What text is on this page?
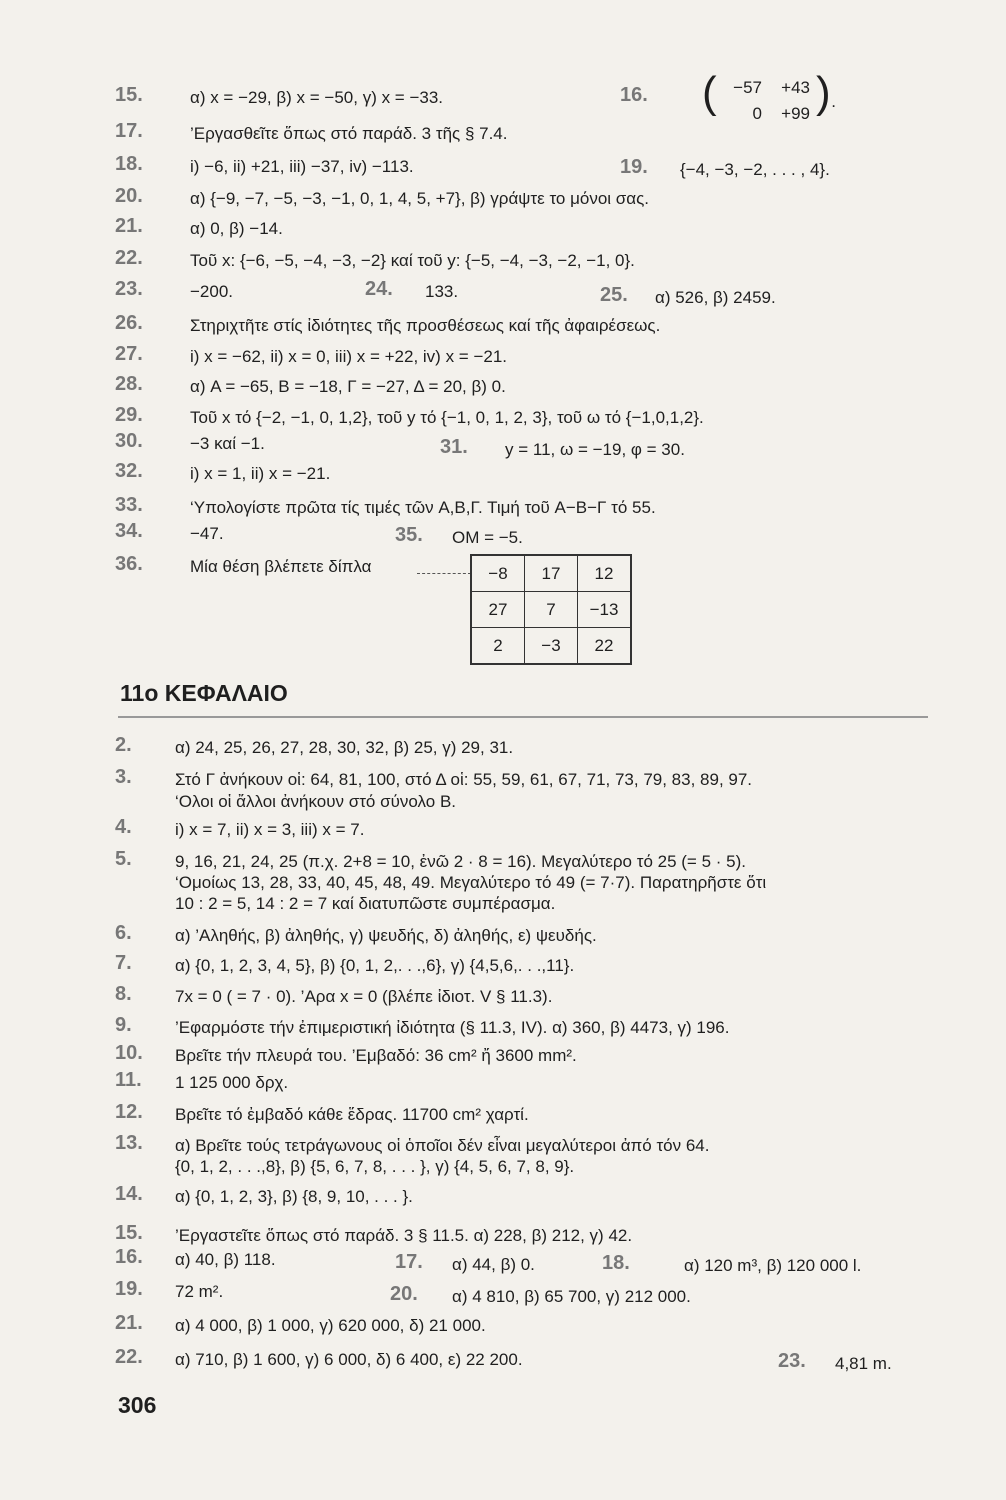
15.	α) x = −29, β) x = −50, γ) x = −33.	16.
17.	’Εργασθεῖτε ὅπως στό παράδ. 3 τῆς § 7.4.
18.	i) −6, ii) +21, iii) −37, iv) −113.	19.	{−4, −3, −2, . . . , 4}.
20.	α) {−9, −7, −5, −3, −1, 0, 1, 4, 5, +7}, β) γράψτε το μόνοι σας.
21.	α) 0, β) −14.
22.	Τοῦ x: {−6, −5, −4, −3, −2} καί τοῦ y: {−5, −4, −3, −2, −1, 0}.
23.	−200.	24.	133.	25.	α) 526, β) 2459.
26.	Στηριχτῆτε στίς ἰδιότητες τῆς προσθέσεως καί τῆς ἀφαιρέσεως.
27.	i) x = −62, ii) x = 0, iii) x = +22, iv) x = −21.
28.	α) A = −65, B = −18, Γ = −27, Δ = 20, β) 0.
29.	Τοῦ x τό {−2, −1, 0, 1,2}, τοῦ y τό {−1, 0, 1, 2, 3}, τοῦ ω τό {−1,0,1,2}.
30.	−3 καί −1.	31.	y = 11, ω = −19, φ = 30.
32.	i) x = 1, ii) x = −21.
33.	‘Υπολογίστε πρῶτα τίς τιμές τῶν A,B,Γ. Τιμή τοῦ A−B−Γ τό 55.
34.	−47.	35.	OM = −5.
36.	Μία θέση βλέπετε δίπλα
( −57	+43
0	+99 ) .
−8	17	12
27	7	−13
2	−3	22
11ο ΚΕΦΑΛΑΙΟ
2.	α) 24, 25, 26, 27, 28, 30, 32, β) 25, γ) 29, 31.
3.	Στό Γ ἀνήκουν οἱ: 64, 81, 100, στό Δ οἱ: 55, 59, 61, 67, 71, 73, 79, 83, 89, 97.
‘Ολοι οἱ ἄλλοι ἀνήκουν στό σύνολο B.
4.	i) x = 7, ii) x = 3, iii) x = 7.
5.	9, 16, 21, 24, 25 (π.χ. 2+8 = 10, ἐνῶ 2 · 8 = 16). Μεγαλύτερο τό 25 (= 5 · 5).
‘Ομοίως 13, 28, 33, 40, 45, 48, 49. Μεγαλύτερο τό 49 (= 7·7). Παρατηρῆστε ὅτι
10 : 2 = 5, 14 : 2 = 7 καί διατυπῶστε συμπέρασμα.
6.	α) ’Αληθής, β) ἀληθής, γ) ψευδής, δ) ἀληθής, ε) ψευδής.
7.	α) {0, 1, 2, 3, 4, 5}, β) {0, 1, 2,. . .,6}, γ) {4,5,6,. . .,11}.
8.	7x = 0 ( = 7 · 0). ’Αρα x = 0 (βλέπε ἰδιοτ. V § 11.3).
9.	’Εφαρμόστε τήν ἐπιμεριστική ἰδιότητα (§ 11.3, IV). α) 360, β) 4473, γ) 196.
10.	Βρεῖτε τήν πλευρά του. ’Εμβαδό: 36 cm² ἤ 3600 mm².
11.	1 125 000 δρχ.
12.	Βρεῖτε τό ἐμβαδό κάθε ἕδρας. 11700 cm² χαρτί.
13.	α) Βρεῖτε τούς τετράγωνους οἱ ὁποῖοι δέν εἶναι μεγαλύτεροι ἀπό τόν 64.
{0, 1, 2, . . .,8}, β) {5, 6, 7, 8, . . . }, γ) {4, 5, 6, 7, 8, 9}.
14.	α) {0, 1, 2, 3}, β) {8, 9, 10, . . . }.
15.	’Εργαστεῖτε ὅπως στό παράδ. 3 § 11.5. α) 228, β) 212, γ) 42.
16.	α) 40, β) 118.	17.	α) 44, β) 0.	18.	α) 120 m³, β) 120 000 l.
19.	72 m².	20.	α) 4 810, β) 65 700, γ) 212 000.
21.	α) 4 000, β) 1 000, γ) 620 000, δ) 21 000.
22.	α) 710, β) 1 600, γ) 6 000, δ) 6 400, ε) 22 200.	23.	4,81 m.
306
